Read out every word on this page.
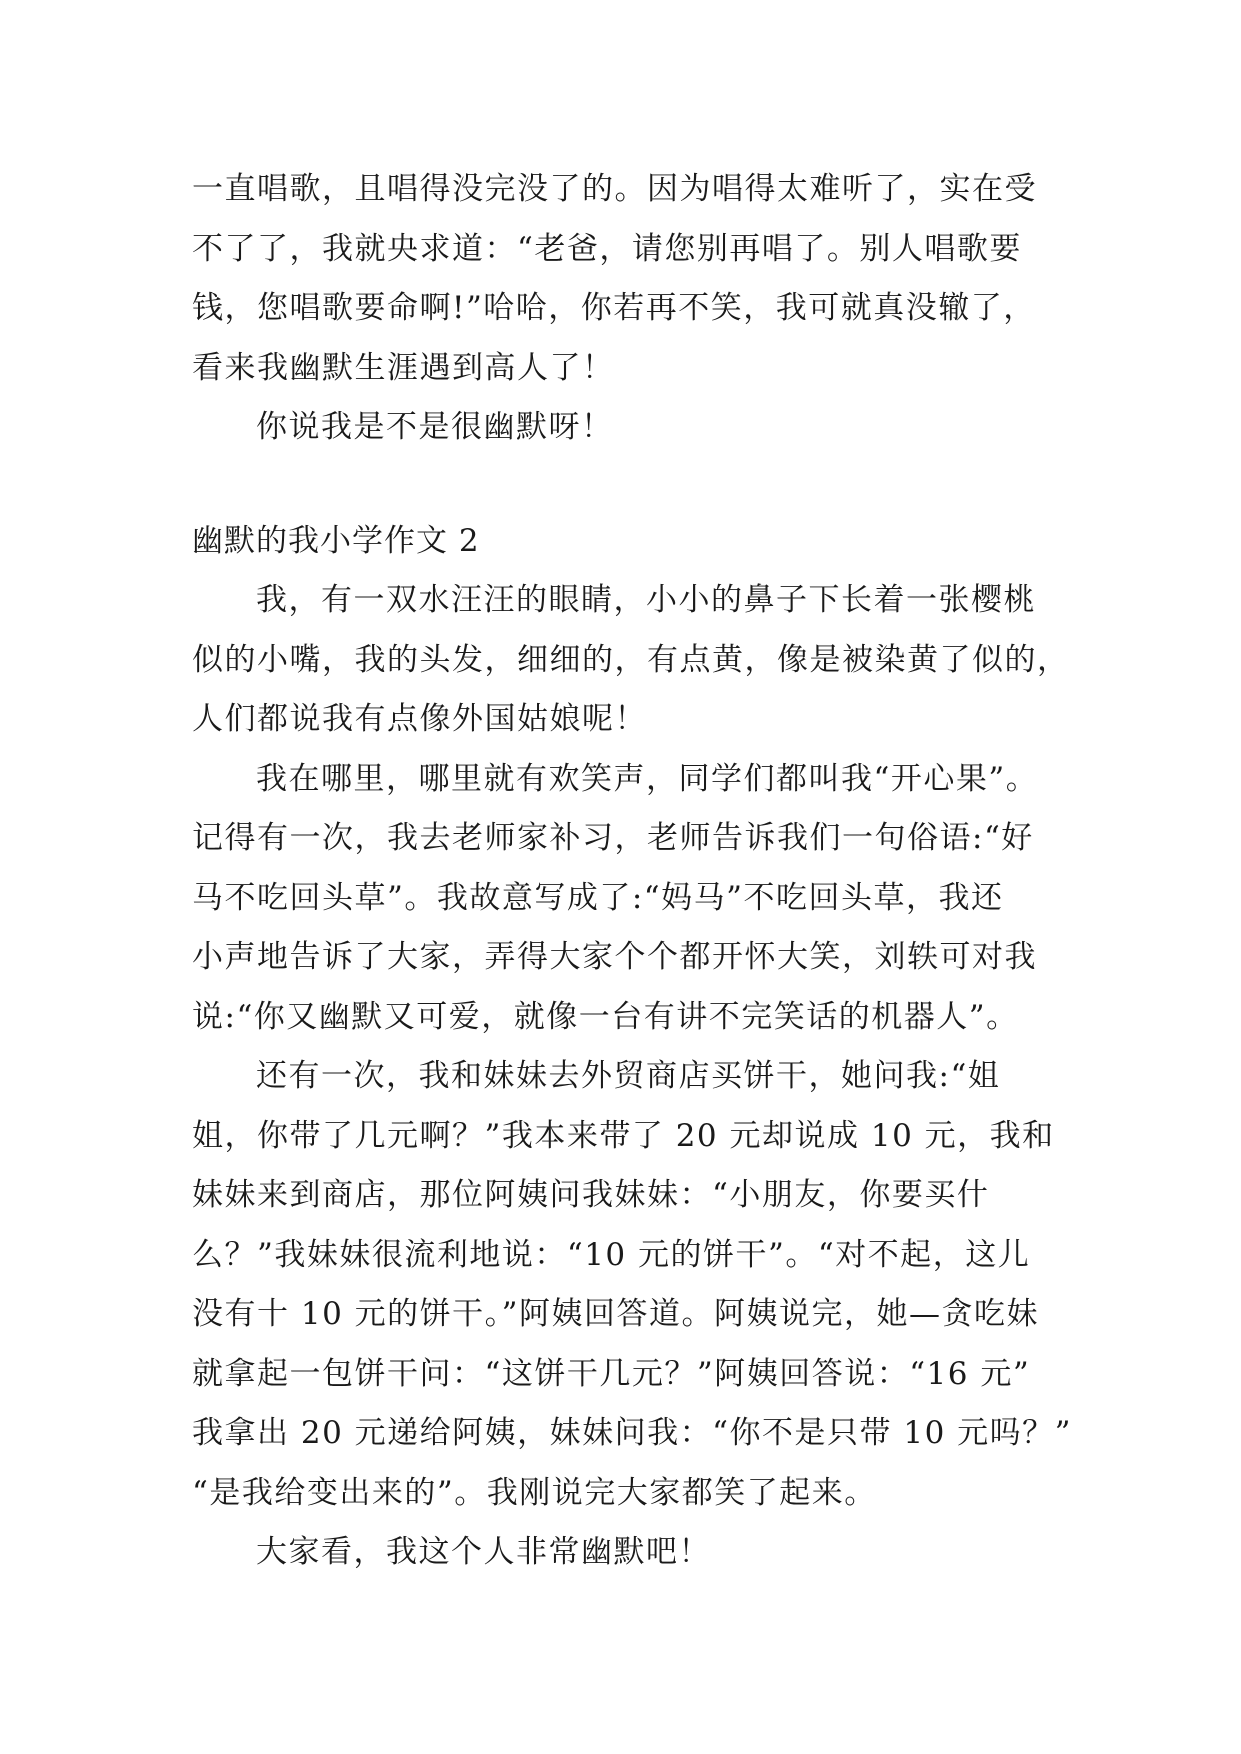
一直唱歌，且唱得没完没了的。因为唱得太难听了，实在受
不了了，我就央求道：“老爸，请您别再唱了。别人唱歌要
钱，您唱歌要命啊!”哈哈，你若再不笑，我可就真没辙了，
看来我幽默生涯遇到高人了！
你说我是不是很幽默呀！
幽默的我小学作文 2
我，有一双水汪汪的眼睛，小小的鼻子下长着一张樱桃
似的小嘴，我的头发，细细的，有点黄，像是被染黄了似的，
人们都说我有点像外国姑娘呢！
我在哪里，哪里就有欢笑声，同学们都叫我“开心果”。
记得有一次，我去老师家补习，老师告诉我们一句俗语:“好
马不吃回头草”。我故意写成了:“妈马”不吃回头草，我还
小声地告诉了大家，弄得大家个个都开怀大笑，刘轶可对我
说:“你又幽默又可爱，就像一台有讲不完笑话的机器人”。
还有一次，我和妹妹去外贸商店买饼干，她问我:“姐
姐，你带了几元啊？”我本来带了 20 元却说成 10 元，我和
妹妹来到商店，那位阿姨问我妹妹：“小朋友，你要买什
么？”我妹妹很流利地说：“10 元的饼干”。“对不起，这儿
没有十 10 元的饼干。”阿姨回答道。阿姨说完，她—贪吃妹
就拿起一包饼干问：“这饼干几元？”阿姨回答说：“16 元”
我拿出 20 元递给阿姨，妹妹问我：“你不是只带 10 元吗？”
“是我给变出来的”。我刚说完大家都笑了起来。
大家看，我这个人非常幽默吧！
